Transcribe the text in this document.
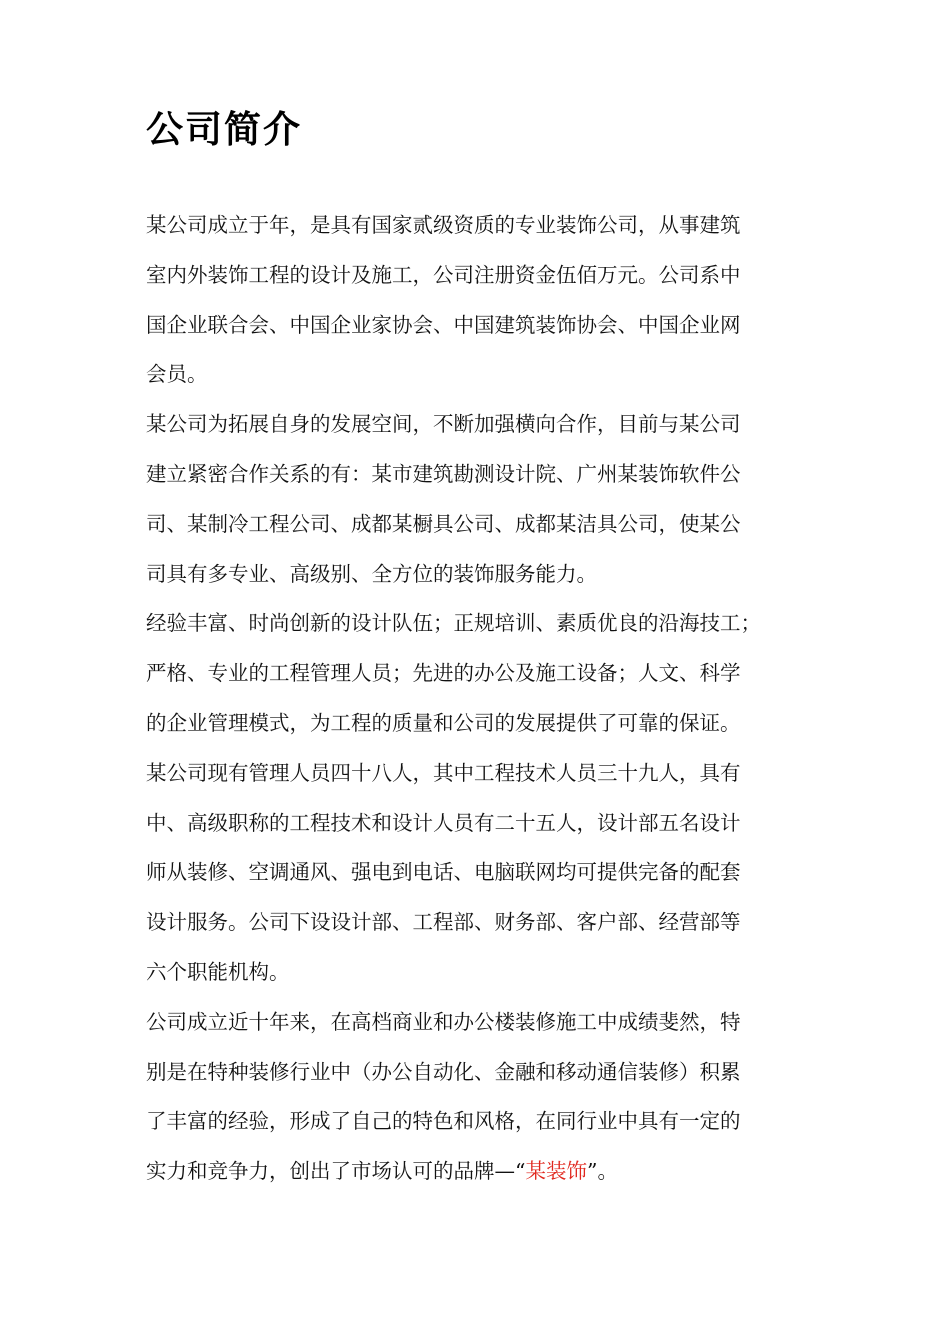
公司简介
某公司成立于年，是具有国家贰级资质的专业装饰公司，从事建筑
室内外装饰工程的设计及施工，公司注册资金伍佰万元。公司系中
国企业联合会、中国企业家协会、中国建筑装饰协会、中国企业网
会员。
某公司为拓展自身的发展空间，不断加强横向合作，目前与某公司
建立紧密合作关系的有：某市建筑勘测设计院、广州某装饰软件公
司、某制冷工程公司、成都某橱具公司、成都某洁具公司，使某公
司具有多专业、高级别、全方位的装饰服务能力。
经验丰富、时尚创新的设计队伍；正规培训、素质优良的沿海技工；
严格、专业的工程管理人员；先进的办公及施工设备；人文、科学
的企业管理模式，为工程的质量和公司的发展提供了可靠的保证。
某公司现有管理人员四十八人，其中工程技术人员三十九人，具有
中、高级职称的工程技术和设计人员有二十五人，设计部五名设计
师从装修、空调通风、强电到电话、电脑联网均可提供完备的配套
设计服务。公司下设设计部、工程部、财务部、客户部、经营部等
六个职能机构。
公司成立近十年来，在高档商业和办公楼装修施工中成绩斐然，特
别是在特种装修行业中（办公自动化、金融和移动通信装修）积累
了丰富的经验，形成了自己的特色和风格，在同行业中具有一定的
实力和竞争力，创出了市场认可的品牌—“某装饰”。
